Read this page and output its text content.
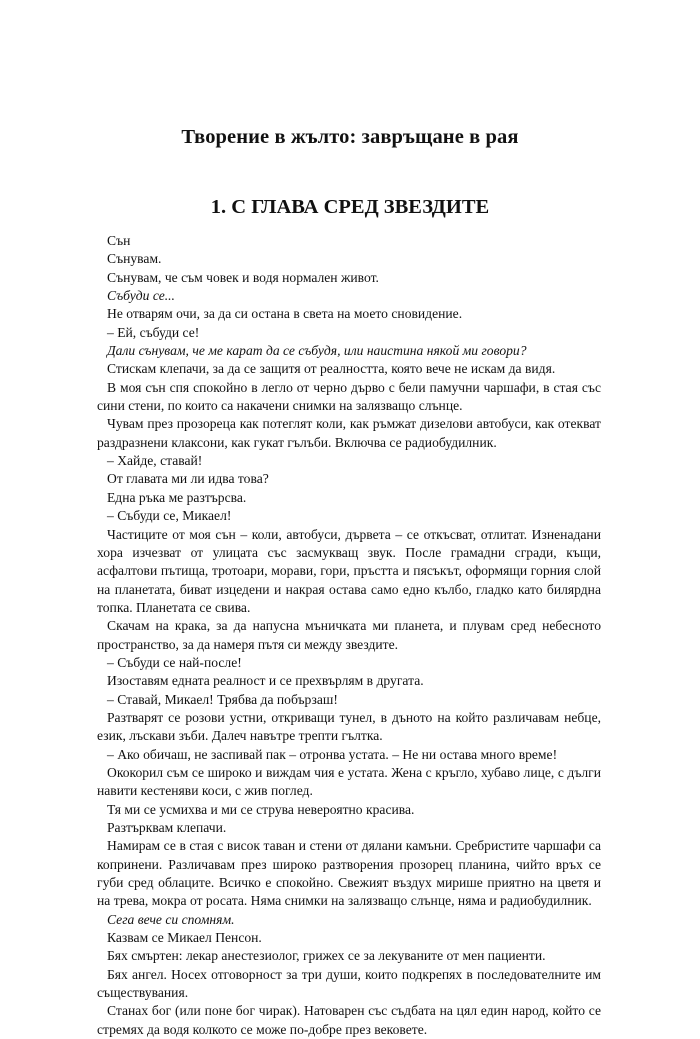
Творение в жълто: завръщане в рая
1. С ГЛАВА СРЕД ЗВЕЗДИТЕ

Сън

Сънувам.

Сънувам, че съм човек и водя нормален живот.

Събуди се...

Не отварям очи, за да си остана в света на моето сновидение.

– Ей, събуди се!

Дали сънувам, че ме карат да се събудя, или наистина някой ми говори?

Стискам клепачи, за да се защитя от реалността, която вече не искам да видя.

В моя сън спя спокойно в легло от черно дърво с бели памучни чаршафи, в стая със сини стени, по които са накачени снимки на залязващо слънце.

Чувам през прозореца как потеглят коли, как ръмжат дизелови автобуси, как отекват раздразнени клаксони, как гукат гълъби. Включва се радиобудилник.

– Хайде, ставай!

От главата ми ли идва това?

Една ръка ме разтърсва.

– Събуди се, Микаел!

Частиците от моя сън – коли, автобуси, дървета – се откъсват, отлитат. Изненадани хора изчезват от улицата със засмукващ звук. После грамадни сгради, къщи, асфалтови пътища, тротоари, морави, гори, пръстта и пясъкът, оформящи горния слой на планетата, биват изцедени и накрая остава само едно кълбо, гладко като билярдна топка. Планетата се свива.

Скачам на крака, за да напусна мъничката ми планета, и плувам сред небесното пространство, за да намеря пътя си между звездите.

– Събуди се най-после!

Изоставям едната реалност и се прехвърлям в другата.

– Ставай, Микаел! Трябва да побързаш!

Разтварят се розови устни, откриващи тунел, в дъното на който различавам небце, език, лъскави зъби. Далеч навътре трепти гълтка.

– Ако обичаш, не заспивай пак – отронва устата. – Не ни остава много време!

Ококорил съм се широко и виждам чия е устата. Жена с кръгло, хубаво лице, с дълги навити кестеняви коси, с жив поглед.

Тя ми се усмихва и ми се струва невероятно красива.

Разтърквам клепачи.

Намирам се в стая с висок таван и стени от дялани камъни. Сребристите чаршафи са копринени. Различавам през широко разтворения прозорец планина, чийто връх се губи сред облаците. Всичко е спокойно. Свежият въздух мирише приятно на цветя и на трева, мокра от росата. Няма снимки на залязващо слънце, няма и радиобудилник.

Сега вече си спомням.

Казвам се Микаел Пенсон.

Бях смъртен: лекар анестезиолог, грижех се за лекуваните от мен пациенти.

Бях ангел. Носех отговорност за три души, които подкрепях в последователните им съществувания.

Станах бог (или поне бог чирак). Натоварен със съдбата на цял един народ, който се стремях да водя колкото се може по-добре през вековете.
